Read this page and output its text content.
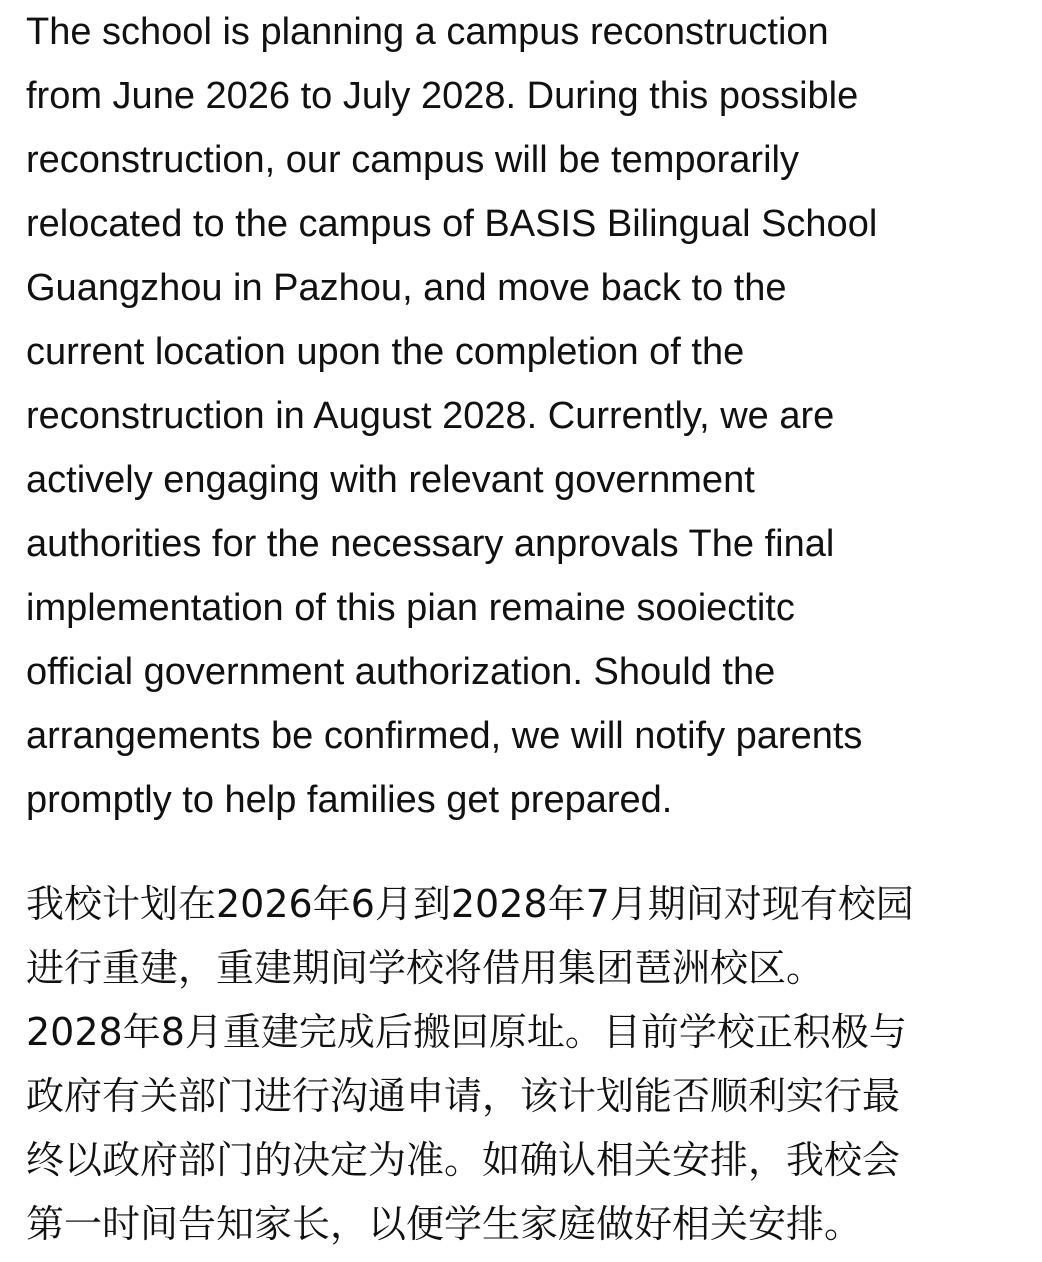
The school is planning a campus reconstruction
from June 2026 to July 2028. During this possible
reconstruction, our campus will be temporarily
relocated to the campus of BASIS Bilingual School
Guangzhou in Pazhou, and move back to the
current location upon the completion of the
reconstruction in August 2028. Currently, we are
actively engaging with relevant government
authorities for the necessary anprovals The final
implementation of this pian remaine sooiectitc
official government authorization. Should the
arrangements be confirmed, we will notify parents
promptly to help families get prepared.
我校计划在2026年6月到2028年7月期间对现有校园
进行重建，重建期间学校将借用集团琶洲校区。
2028年8月重建完成后搬回原址。目前学校正积极与
政府有关部门进行沟通申请，该计划能否顺利实行最
终以政府部门的决定为准。如确认相关安排，我校会
第一时间告知家长，以便学生家庭做好相关安排。
